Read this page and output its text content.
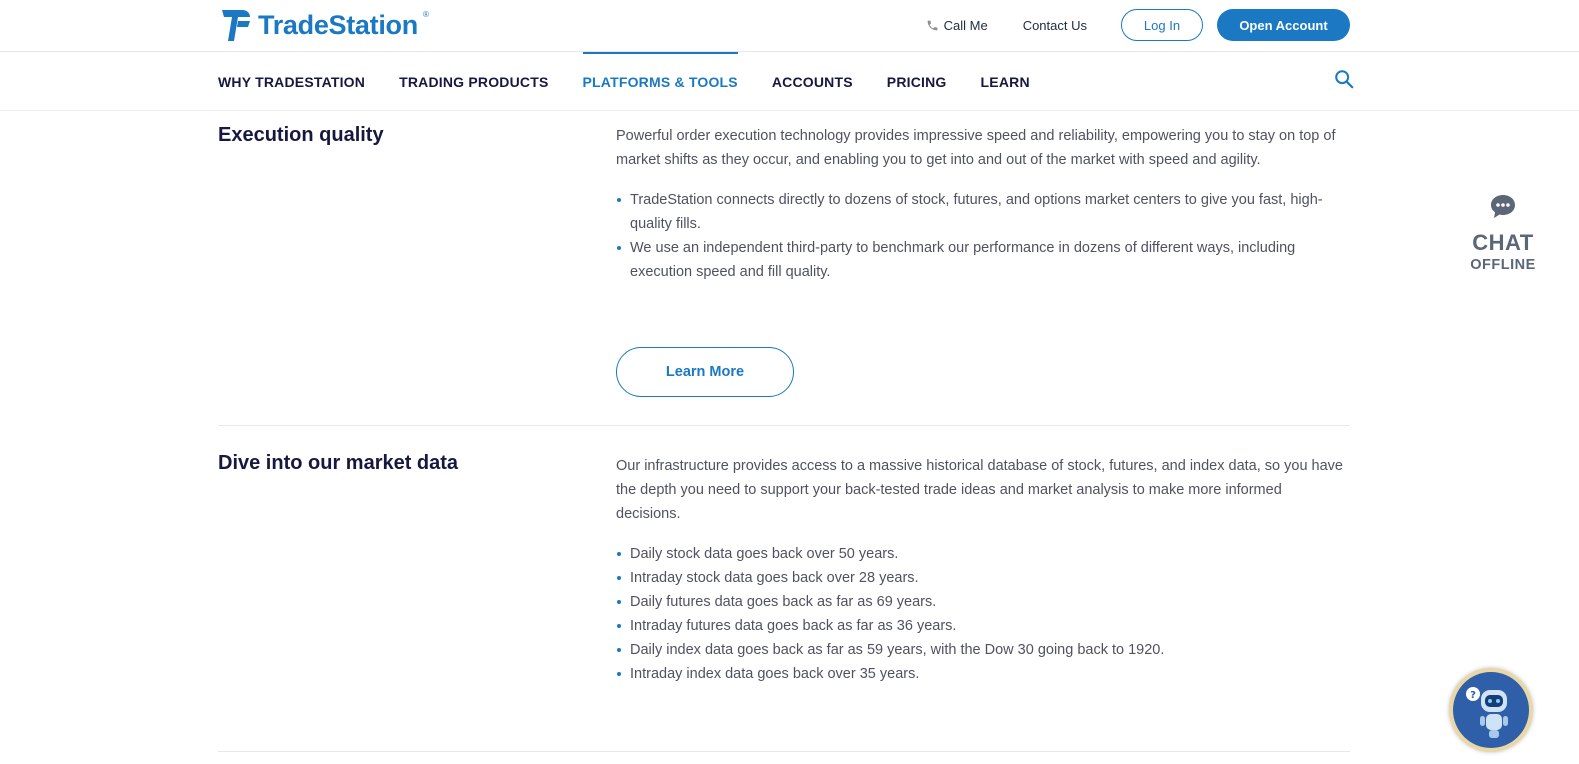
TradeStation ®
Call Me	Contact Us	Log In	Open Account
WHY TRADESTATION TRADING PRODUCTS PLATFORMS & TOOLS ACCOUNTS PRICING LEARN
Execution quality	Powerful order execution technology provides impressive speed and reliability, empowering you to stay on top of market shifts as they occur, and enabling you to get into and out of the market with speed and agility.

TradeStation connects directly to dozens of stock, futures, and options market centers to give you fast, high-quality fills.
We use an independent third-party to benchmark our performance in dozens of different ways, including execution speed and fill quality.
Learn More
Dive into our market data	Our infrastructure provides access to a massive historical database of stock, futures, and index data, so you have the depth you need to support your back-tested trade ideas and market analysis to make more informed decisions.

Daily stock data goes back over 50 years.
Intraday stock data goes back over 28 years.
Daily futures data goes back as far as 69 years.
Intraday futures data goes back as far as 36 years.
Daily index data goes back as far as 59 years, with the Dow 30 going back to 1920.
Intraday index data goes back over 35 years.
CHAT
OFFLINE
?
